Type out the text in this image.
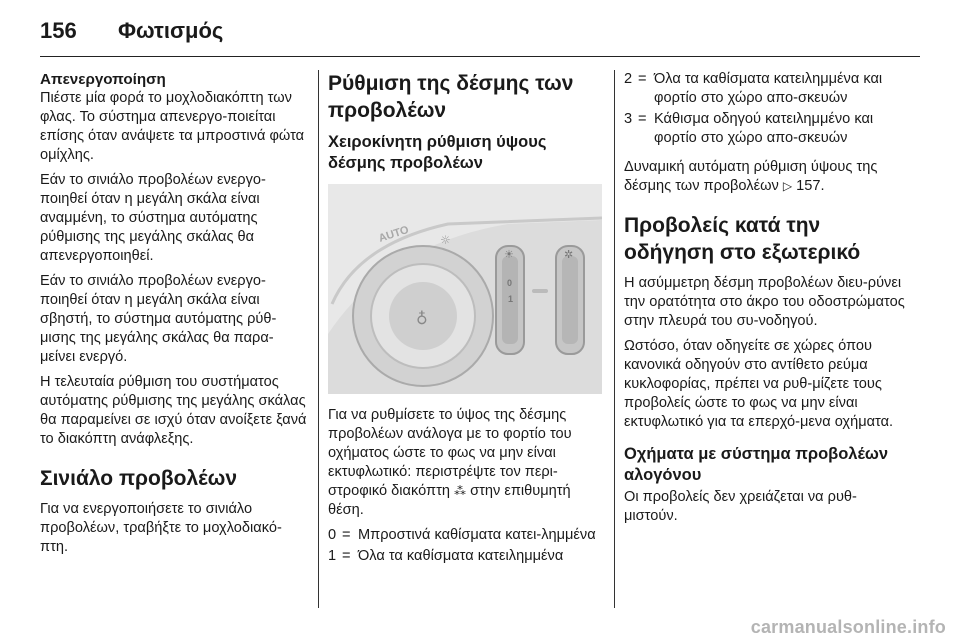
156 Φωτισμός
Απενεργοποίηση

Πιέστε μία φορά το μοχλοδιακόπτη των φλας. Το σύστημα απενεργο-ποιείται επίσης όταν ανάψετε τα μπροστινά φώτα ομίχλης.

Εάν το σινιάλο προβολέων ενεργο-ποιηθεί όταν η μεγάλη σκάλα είναι αναμμένη, το σύστημα αυτόματης ρύθμισης της μεγάλης σκάλας θα απενεργοποιηθεί.

Εάν το σινιάλο προβολέων ενεργο-ποιηθεί όταν η μεγάλη σκάλα είναι σβηστή, το σύστημα αυτόματης ρύθ-μισης της μεγάλης σκάλας θα παρα-μείνει ενεργό.

Η τελευταία ρύθμιση του συστήματος αυτόματης ρύθμισης της μεγάλης σκάλας θα παραμείνει σε ισχύ όταν ανοίξετε ξανά το διακόπτη ανάφλεξης.

Σινιάλο προβολέων

Για να ενεργοποιήσετε το σινιάλο προβολέων, τραβήξτε το μοχλοδιακό-πτη.

Ρύθμιση της δέσμης των προβολέων
Χειροκίνητη ρύθμιση ύψους δέσμης προβολέων
♁
AUTO ☼
0
1
☀	✲

Για να ρυθμίσετε το ύψος της δέσμης προβολέων ανάλογα με το φορτίο του οχήματος ώστε το φως να μην είναι εκτυφλωτικό: περιστρέψτε τον περι-στροφικό διακόπτη ⁂ στην επιθυμητή θέση.

0 = Μπροστινά καθίσματα κατει-λημμένα
1 = Όλα τα καθίσματα κατειλημμένα
2 = Όλα τα καθίσματα κατειλημμένα και φορτίο στο χώρο απο-σκευών
3 = Κάθισμα οδηγού κατειλημμένο και φορτίο στο χώρο απο-σκευών

Δυναμική αυτόματη ρύθμιση ύψους της δέσμης των προβολέων ▷ 157.

Προβολείς κατά την οδήγηση στο εξωτερικό

Η ασύμμετρη δέσμη προβολέων διευ-ρύνει την ορατότητα στο άκρο του οδοστρώματος στην πλευρά του συ-νοδηγού.

Ωστόσο, όταν οδηγείτε σε χώρες όπου κανονικά οδηγούν στο αντίθετο ρεύμα κυκλοφορίας, πρέπει να ρυθ-μίζετε τους προβολείς ώστε το φως να μην είναι εκτυφλωτικό για τα επερχό-μενα οχήματα.

Οχήματα με σύστημα προβολέων αλογόνου

Οι προβολείς δεν χρειάζεται να ρυθ-μιστούν.

carmanualsonline.info
